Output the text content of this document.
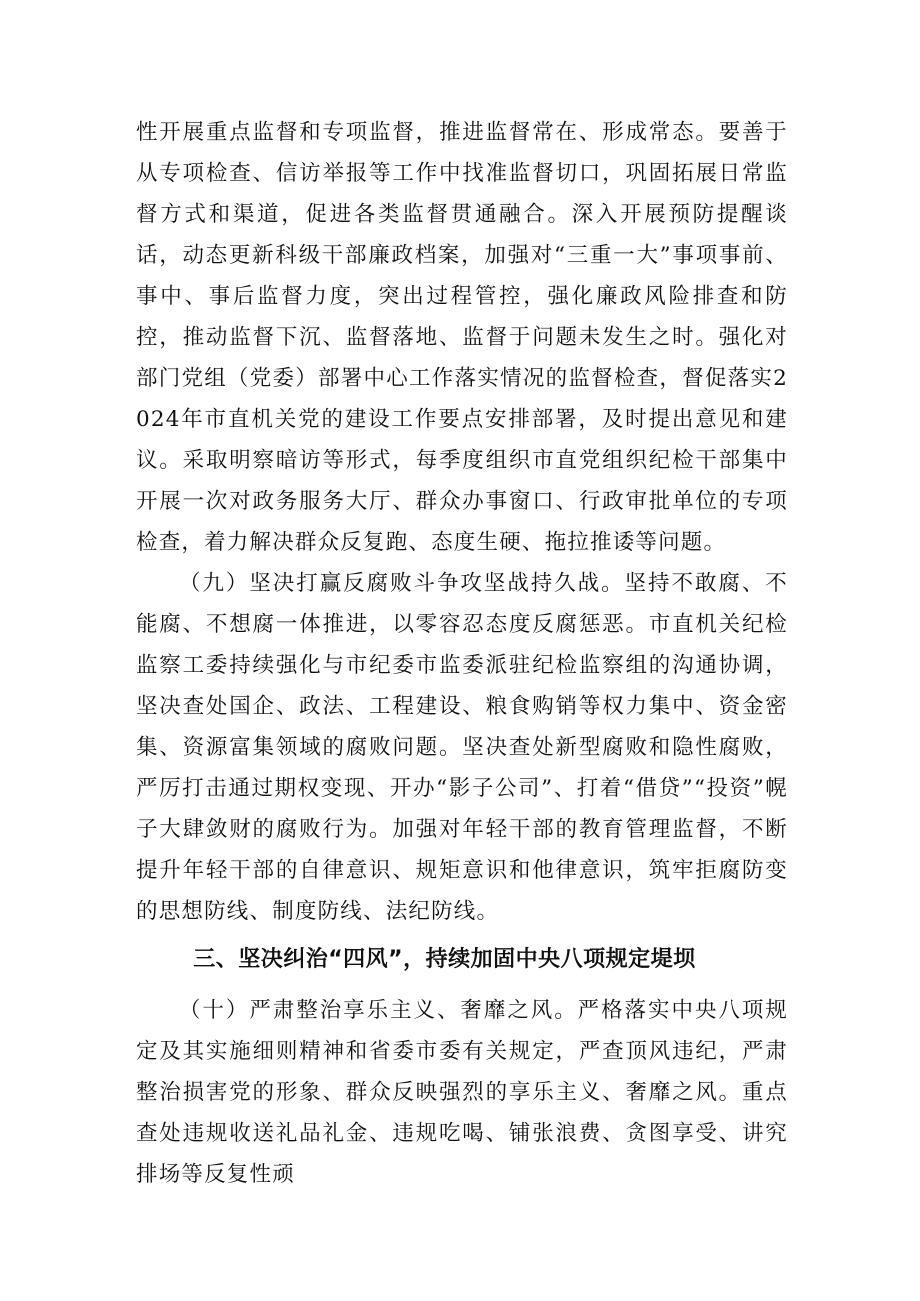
性开展重点监督和专项监督，推进监督常在、形成常态。要善于从专项检查、信访举报等工作中找准监督切口，巩固拓展日常监督方式和渠道，促进各类监督贯通融合。深入开展预防提醒谈话，动态更新科级干部廉政档案，加强对“三重一大”事项事前、事中、事后监督力度，突出过程管控，强化廉政风险排查和防控，推动监督下沉、监督落地、监督于问题未发生之时。强化对部门党组（党委）部署中心工作落实情况的监督检查，督促落实2024年市直机关党的建设工作要点安排部署，及时提出意见和建议。采取明察暗访等形式，每季度组织市直党组织纪检干部集中开展一次对政务服务大厅、群众办事窗口、行政审批单位的专项检查，着力解决群众反复跑、态度生硬、拖拉推诿等问题。

（九）坚决打赢反腐败斗争攻坚战持久战。坚持不敢腐、不能腐、不想腐一体推进，以零容忍态度反腐惩恶。市直机关纪检监察工委持续强化与市纪委市监委派驻纪检监察组的沟通协调，坚决查处国企、政法、工程建设、粮食购销等权力集中、资金密集、资源富集领域的腐败问题。坚决查处新型腐败和隐性腐败，严厉打击通过期权变现、开办“影子公司”、打着“借贷”“投资”幌子大肆敛财的腐败行为。加强对年轻干部的教育管理监督，不断提升年轻干部的自律意识、规矩意识和他律意识，筑牢拒腐防变的思想防线、制度防线、法纪防线。

三、坚决纠治“四风”，持续加固中央八项规定堤坝

（十）严肃整治享乐主义、奢靡之风。严格落实中央八项规定及其实施细则精神和省委市委有关规定，严查顶风违纪，严肃整治损害党的形象、群众反映强烈的享乐主义、奢靡之风。重点查处违规收送礼品礼金、违规吃喝、铺张浪费、贪图享受、讲究排场等反复性顽
